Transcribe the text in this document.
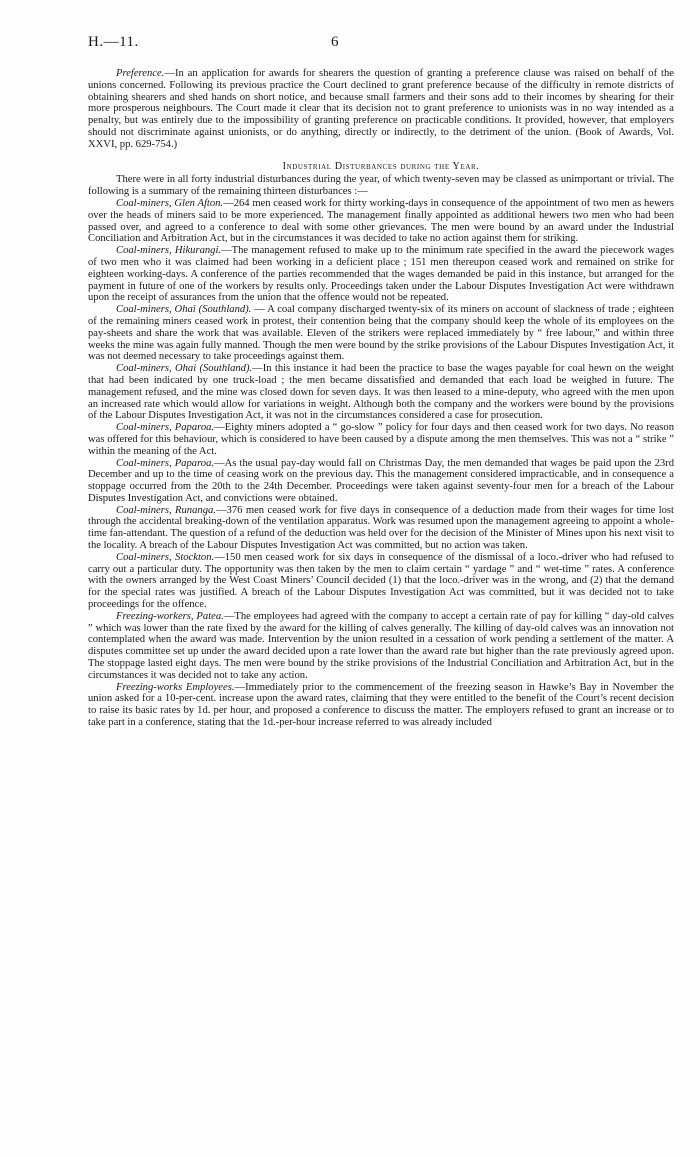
H.—11.	6

Preference.—In an application for awards for shearers the question of granting a preference clause was raised on behalf of the unions concerned. Following its previous practice the Court declined to grant preference because of the difficulty in remote districts of obtaining shearers and shed hands on short notice, and because small farmers and their sons add to their incomes by shearing for their more prosperous neighbours. The Court made it clear that its decision not to grant preference to unionists was in no way intended as a penalty, but was entirely due to the impossibility of granting preference on practicable conditions. It provided, however, that employers should not discriminate against unionists, or do anything, directly or indirectly, to the detriment of the union. (Book of Awards, Vol. XXVI, pp. 629-754.)

Industrial Disturbances during the Year.

There were in all forty industrial disturbances during the year, of which twenty-seven may be classed as unimportant or trivial. The following is a summary of the remaining thirteen disturbances :—

Coal-miners, Glen Afton.—264 men ceased work for thirty working-days in consequence of the appointment of two men as hewers over the heads of miners said to be more experienced. The management finally appointed as additional hewers two men who had been passed over, and agreed to a conference to deal with some other grievances. The men were bound by an award under the Industrial Conciliation and Arbitration Act, but in the circumstances it was decided to take no action against them for striking.

Coal-miners, Hikurangi.—The management refused to make up to the minimum rate specified in the award the piecework wages of two men who it was claimed had been working in a deficient place ; 151 men thereupon ceased work and remained on strike for eighteen working-days. A conference of the parties recommended that the wages demanded be paid in this instance, but arranged for the payment in future of one of the workers by results only. Proceedings taken under the Labour Disputes Investigation Act were withdrawn upon the receipt of assurances from the union that the offence would not be repeated.

Coal-miners, Ohai (Southland). — A coal company discharged twenty-six of its miners on account of slackness of trade ; eighteen of the remaining miners ceased work in protest, their contention being that the company should keep the whole of its employees on the pay-sheets and share the work that was available. Eleven of the strikers were replaced immediately by “ free labour,” and within three weeks the mine was again fully manned. Though the men were bound by the strike provisions of the Labour Disputes Investigation Act, it was not deemed necessary to take proceedings against them.

Coal-miners, Ohai (Southland).—In this instance it had been the practice to base the wages payable for coal hewn on the weight that had been indicated by one truck-load ; the men became dissatisfied and demanded that each load be weighed in future. The management refused, and the mine was closed down for seven days. It was then leased to a mine-deputy, who agreed with the men upon an increased rate which would allow for variations in weight. Although both the company and the workers were bound by the provisions of the Labour Disputes Investigation Act, it was not in the circumstances considered a case for prosecution.

Coal-miners, Paparoa.—Eighty miners adopted a “ go-slow ” policy for four days and then ceased work for two days. No reason was offered for this behaviour, which is considered to have been caused by a dispute among the men themselves. This was not a “ strike ” within the meaning of the Act.

Coal-miners, Paparoa.—As the usual pay-day would fall on Christmas Day, the men demanded that wages be paid upon the 23rd December and up to the time of ceasing work on the previous day. This the management considered impracticable, and in consequence a stoppage occurred from the 20th to the 24th December. Proceedings were taken against seventy-four men for a breach of the Labour Disputes Investigation Act, and convictions were obtained.

Coal-miners, Runanga.—376 men ceased work for five days in consequence of a deduction made from their wages for time lost through the accidental breaking-down of the ventilation apparatus. Work was resumed upon the management agreeing to appoint a whole-time fan-attendant. The question of a refund of the deduction was held over for the decision of the Minister of Mines upon his next visit to the locality. A breach of the Labour Disputes Investigation Act was committed, but no action was taken.

Coal-miners, Stockton.—150 men ceased work for six days in consequence of the dismissal of a loco.-driver who had refused to carry out a particular duty. The opportunity was then taken by the men to claim certain “ yardage ” and “ wet-time ” rates. A conference with the owners arranged by the West Coast Miners’ Council decided (1) that the loco.-driver was in the wrong, and (2) that the demand for the special rates was justified. A breach of the Labour Disputes Investigation Act was committed, but it was decided not to take proceedings for the offence.

Freezing-workers, Patea.—The employees had agreed with the company to accept a certain rate of pay for killing “ day-old calves ” which was lower than the rate fixed by the award for the killing of calves generally. The killing of day-old calves was an innovation not contemplated when the award was made. Intervention by the union resulted in a cessation of work pending a settlement of the matter. A disputes committee set up under the award decided upon a rate lower than the award rate but higher than the rate previously agreed upon. The stoppage lasted eight days. The men were bound by the strike provisions of the Industrial Conciliation and Arbitration Act, but in the circumstances it was decided not to take any action.

Freezing-works Employees.—Immediately prior to the commencement of the freezing season in Hawke’s Bay in November the union asked for a 10-per-cent. increase upon the award rates, claiming that they were entitled to the benefit of the Court’s recent decision to raise its basic rates by 1d. per hour, and proposed a conference to discuss the matter. The employers refused to grant an increase or to take part in a conference, stating that the 1d.-per-hour increase referred to was already included
